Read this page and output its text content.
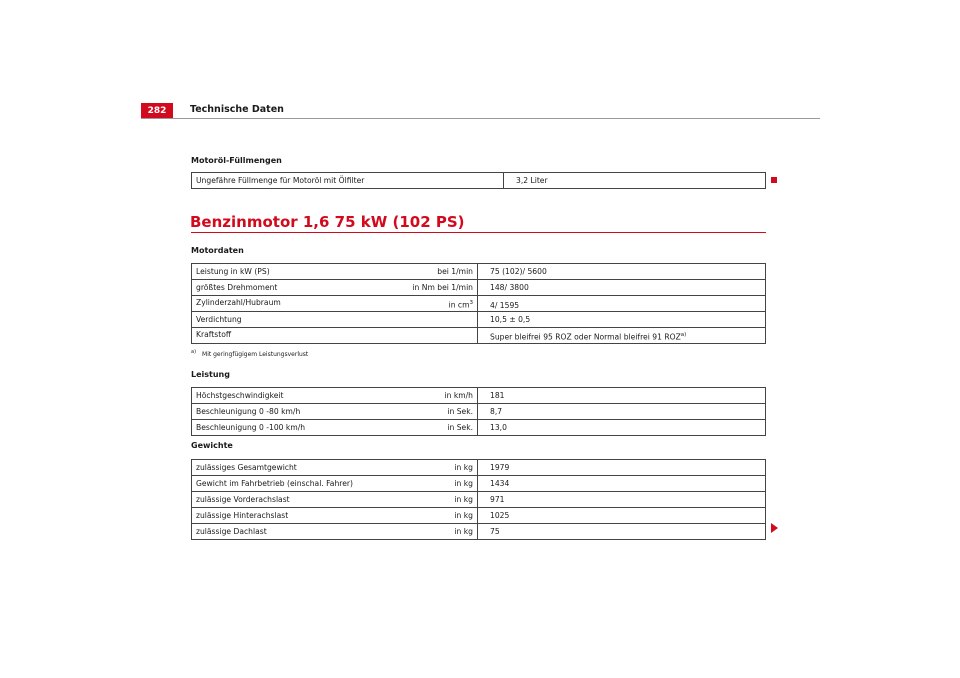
282	Technische Daten
Motoröl-Füllmengen
Ungefähre Füllmenge für Motoröl mit Ölfilter	3,2 Liter
Benzinmotor 1,6 75 kW (102 PS)
Motordaten
Leistung in kW (PS)	bei 1/min	75 (102)/ 5600
größtes Drehmoment	in Nm bei 1/min	148/ 3800
Zylinderzahl/Hubraum	in $cm^3$	4/ 1595
Verdichtung		10,5 ± 0,5
Kraftstoff		Super bleifrei 95 ROZ oder Normal bleifrei 91 ROZ$^{a)}$
$^{a)}$ Mit geringfügigem Leistungsverlust
Leistung
Höchstgeschwindigkeit	in km/h	181
Beschleunigung 0 -80 km/h	in Sek.	8,7
Beschleunigung 0 -100 km/h	in Sek.	13,0
Gewichte
zulässiges Gesamtgewicht	in kg	1979
Gewicht im Fahrbetrieb (einschal. Fahrer)	in kg	1434
zulässige Vorderachslast	in kg	971
zulässige Hinterachslast	in kg	1025
zulässige Dachlast	in kg	75
